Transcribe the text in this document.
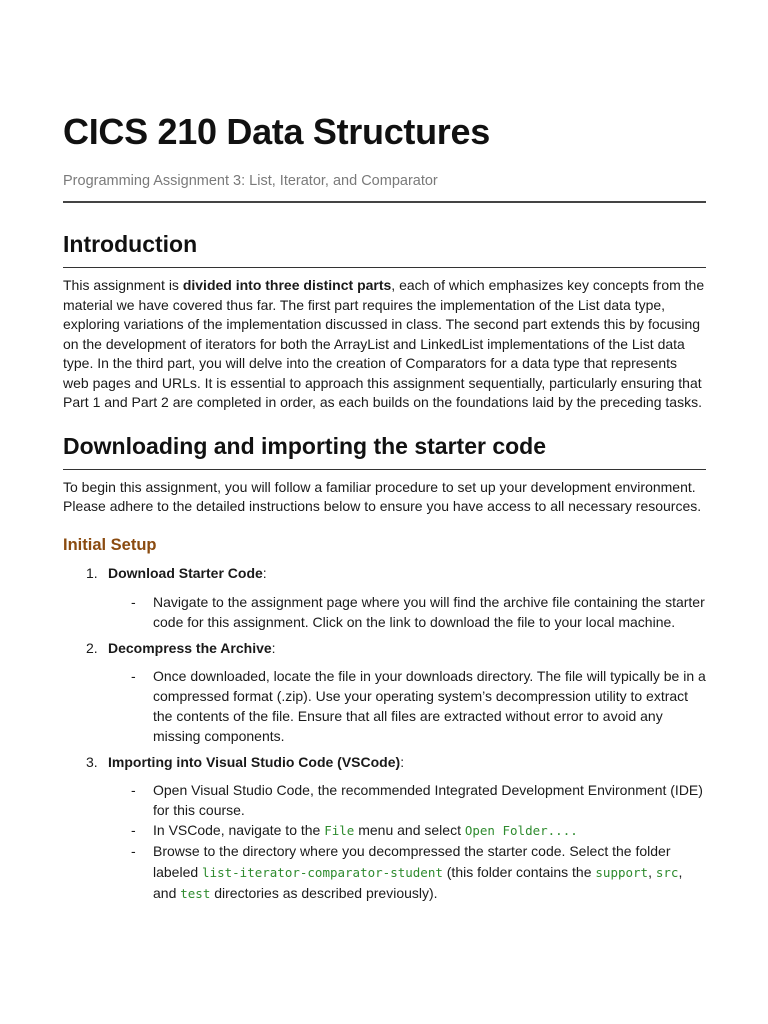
CICS 210 Data Structures
Programming Assignment 3: List, Iterator, and Comparator
Introduction

This assignment is divided into three distinct parts, each of which emphasizes key concepts from the material we have covered thus far. The first part requires the implementation of the List data type, exploring variations of the implementation discussed in class. The second part extends this by focusing on the development of iterators for both the ArrayList and LinkedList implementations of the List data type. In the third part, you will delve into the creation of Comparators for a data type that represents web pages and URLs. It is essential to approach this assignment sequentially, particularly ensuring that Part 1 and Part 2 are completed in order, as each builds on the foundations laid by the preceding tasks.

Downloading and importing the starter code

To begin this assignment, you will follow a familiar procedure to set up your development environment. Please adhere to the detailed instructions below to ensure you have access to all necessary resources.

Initial Setup
1. Download Starter Code:
- Navigate to the assignment page where you will find the archive file containing the starter code for this assignment. Click on the link to download the file to your local machine.
2. Decompress the Archive:
- Once downloaded, locate the file in your downloads directory. The file will typically be in a compressed format (.zip). Use your operating system’s decompression utility to extract the contents of the file. Ensure that all files are extracted without error to avoid any missing components.
3. Importing into Visual Studio Code (VSCode):
- Open Visual Studio Code, the recommended Integrated Development Environment (IDE) for this course.
- In VSCode, navigate to the File menu and select Open Folder....
- Browse to the directory where you decompressed the starter code. Select the folder labeled list-iterator-comparator-student (this folder contains the support, src, and test directories as described previously).
